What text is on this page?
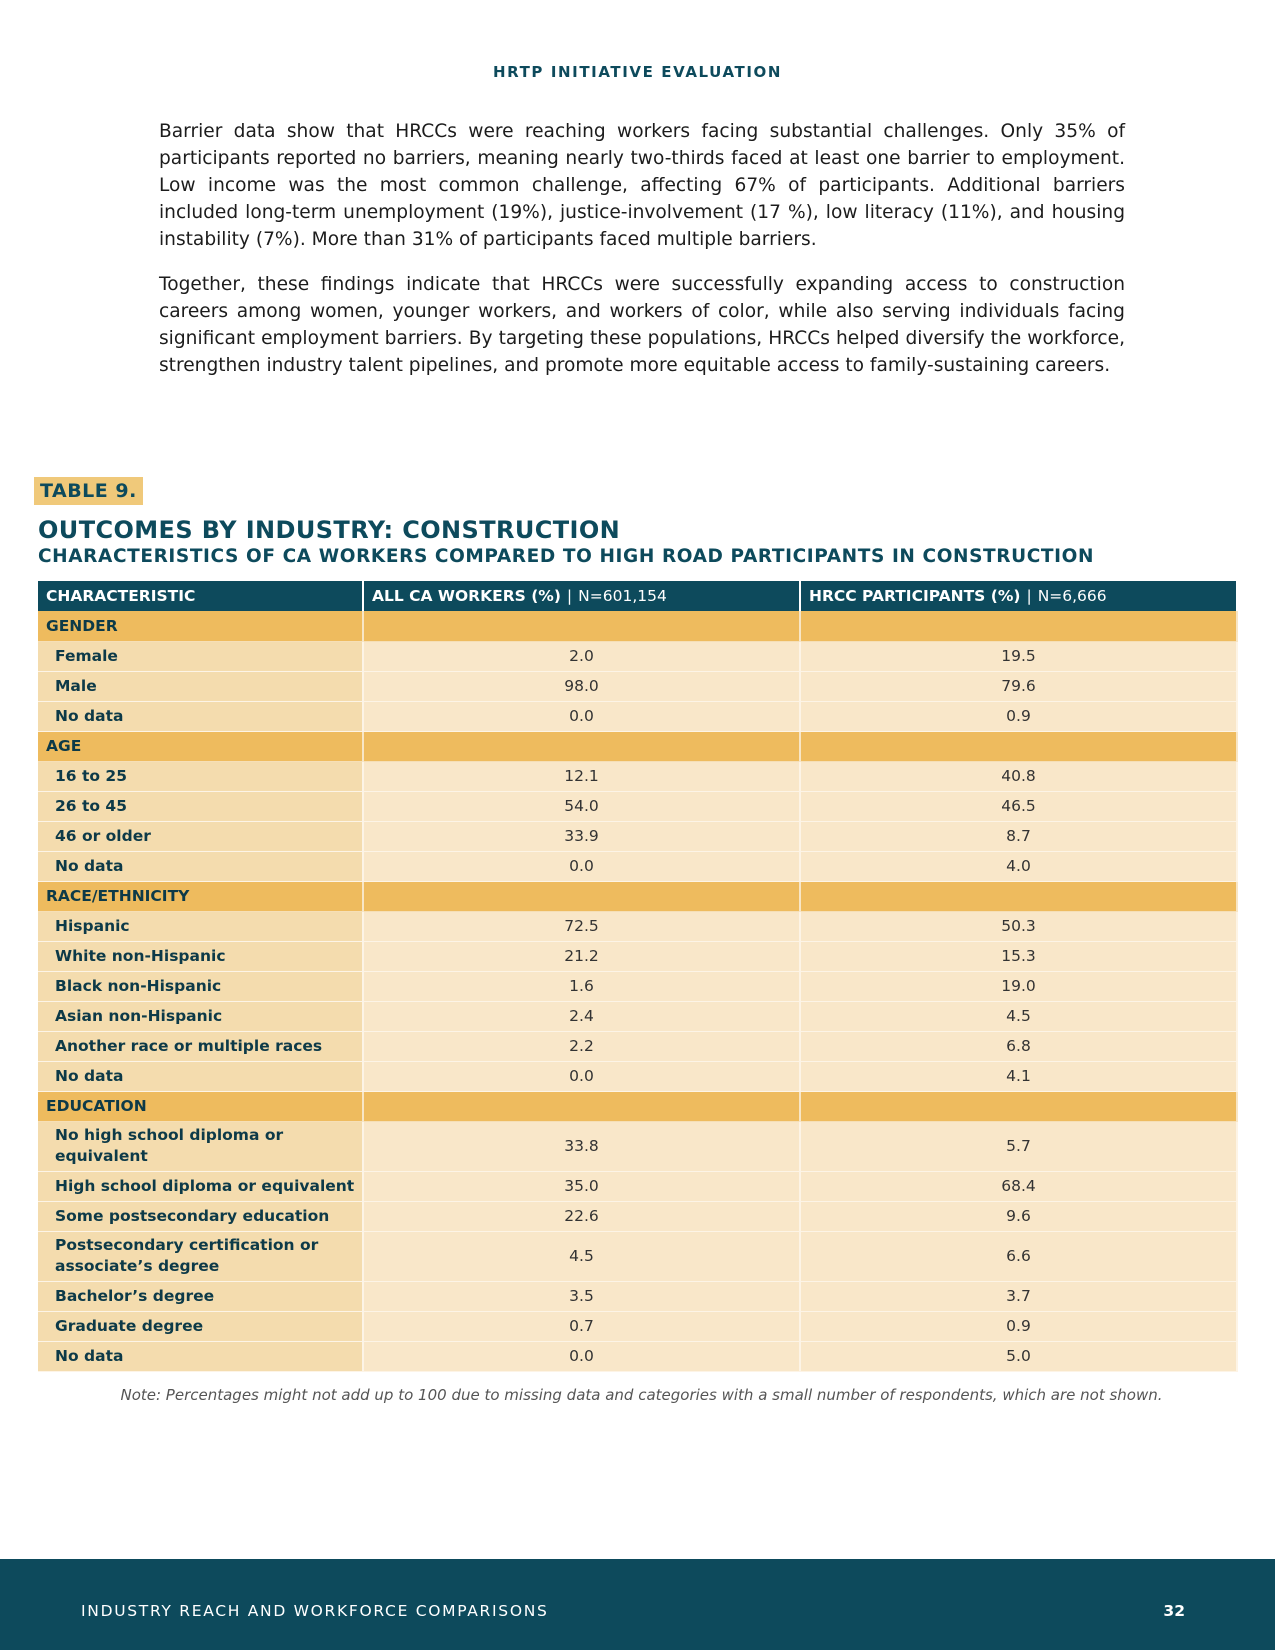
HRTP INITIATIVE EVALUATION

Barrier data show that HRCCs were reaching workers facing substantial challenges. Only 35% of participants reported no barriers, meaning nearly two-thirds faced at least one barrier to employment. Low income was the most common challenge, affecting 67% of participants. Additional barriers included long-term unemployment (19%), justice-involvement (17 %), low literacy (11%), and housing instability (7%). More than 31% of participants faced multiple barriers.

Together, these findings indicate that HRCCs were successfully expanding access to construction careers among women, younger workers, and workers of color, while also serving individuals facing significant employment barriers. By targeting these populations, HRCCs helped diversify the workforce, strengthen industry talent pipelines, and promote more equitable access to family-sustaining careers.

TABLE 9.
OUTCOMES BY INDUSTRY: CONSTRUCTION
CHARACTERISTICS OF CA WORKERS COMPARED TO HIGH ROAD PARTICIPANTS IN CONSTRUCTION
CHARACTERISTIC	ALL CA WORKERS (%) | N=601,154	HRCC PARTICIPANTS (%) | N=6,666
GENDER		
Female	2.0	19.5
Male	98.0	79.6
No data	0.0	0.9
AGE		
16 to 25	12.1	40.8
26 to 45	54.0	46.5
46 or older	33.9	8.7
No data	0.0	4.0
RACE/ETHNICITY		
Hispanic	72.5	50.3
White non-Hispanic	21.2	15.3
Black non-Hispanic	1.6	19.0
Asian non-Hispanic	2.4	4.5
Another race or multiple races	2.2	6.8
No data	0.0	4.1
EDUCATION		
No high school diploma or equivalent	33.8	5.7
High school diploma or equivalent	35.0	68.4
Some postsecondary education	22.6	9.6
Postsecondary certification or associate’s degree	4.5	6.6
Bachelor’s degree	3.5	3.7
Graduate degree	0.7	0.9
No data	0.0	5.0
Note: Percentages might not add up to 100 due to missing data and categories with a small number of respondents, which are not shown.
INDUSTRY REACH AND WORKFORCE COMPARISONS	32
